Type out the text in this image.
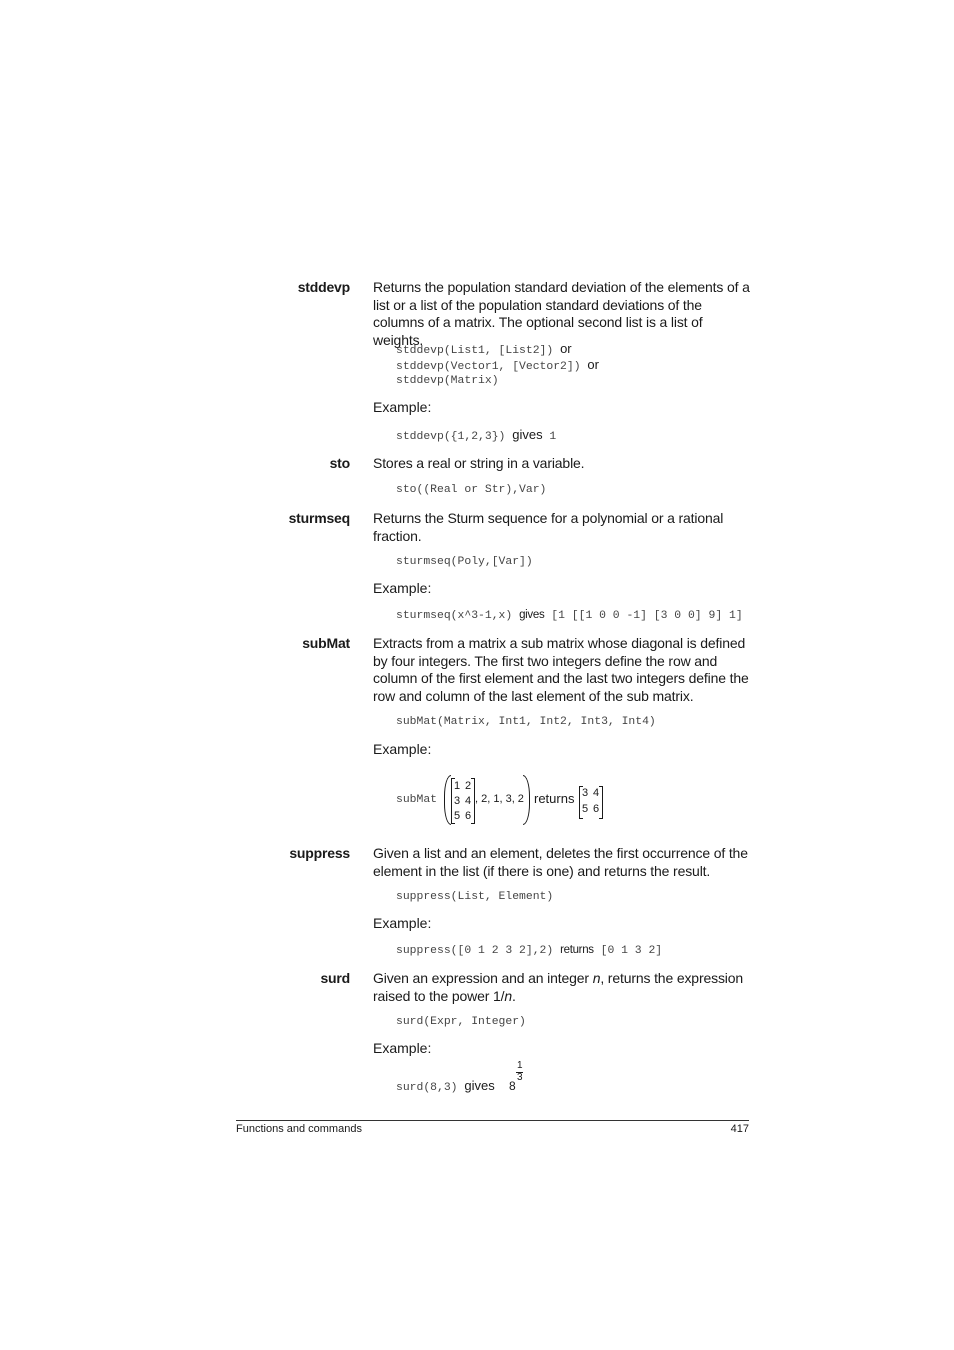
stddevp Returns the population standard deviation of the elements of a list or a list of the population standard deviations of the columns of a matrix. The optional second list is a list of weights.
stddevp(List1, [List2]) or
stddevp(Vector1, [Vector2]) or
stddevp(Matrix)
Example:
stddevp({1,2,3}) gives 1
sto Stores a real or string in a variable.
sto((Real or Str),Var)
sturmseq Returns the Sturm sequence for a polynomial or a rational fraction.
sturmseq(Poly,[Var])
Example:
sturmseq(x^3-1,x) gives [1 [[1 0 0 -1] [3 0 0] 9] 1]
subMat Extracts from a matrix a sub matrix whose diagonal is defined by four integers. The first two integers define the row and column of the first element and the last two integers define the row and column of the last element of the sub matrix.
subMat(Matrix, Int1, Int2, Int3, Int4)
Example:
subMat
1 2
3 4
5 6
, 2, 1, 3, 2 returns 3 4
5 6
suppress Given a list and an element, deletes the first occurrence of the element in the list (if there is one) and returns the result.
suppress(List, Element)
Example:
suppress([0 1 2 3 2],2) returns [0 1 3 2]
surd Given an expression and an integer n, returns the expression raised to the power 1/n.
surd(Expr, Integer)
Example:
surd(8,3) gives 8
1
3
Functions and commands	417
